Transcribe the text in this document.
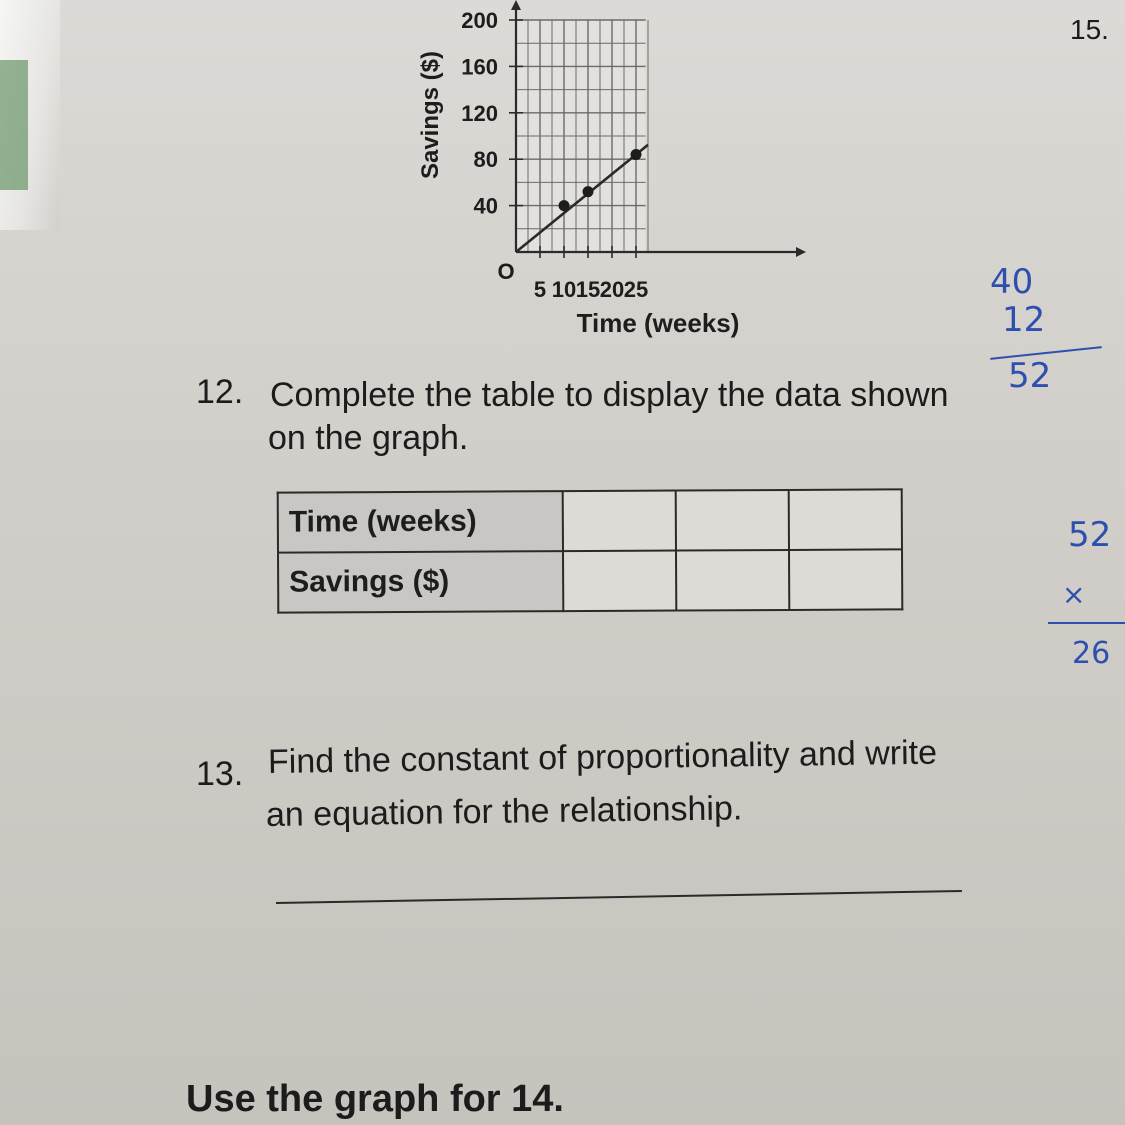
5 10 15 20 25
40
80
120
160
200
Savings ($)
Time (weeks)
O
15.
12. Complete the table to display the data shown
on the graph.
Time (weeks)			
Savings ($)			
13. Find the constant of proportionality and write
an equation for the relationship.
Use the graph for 14.
40
12
52
52
×
26
